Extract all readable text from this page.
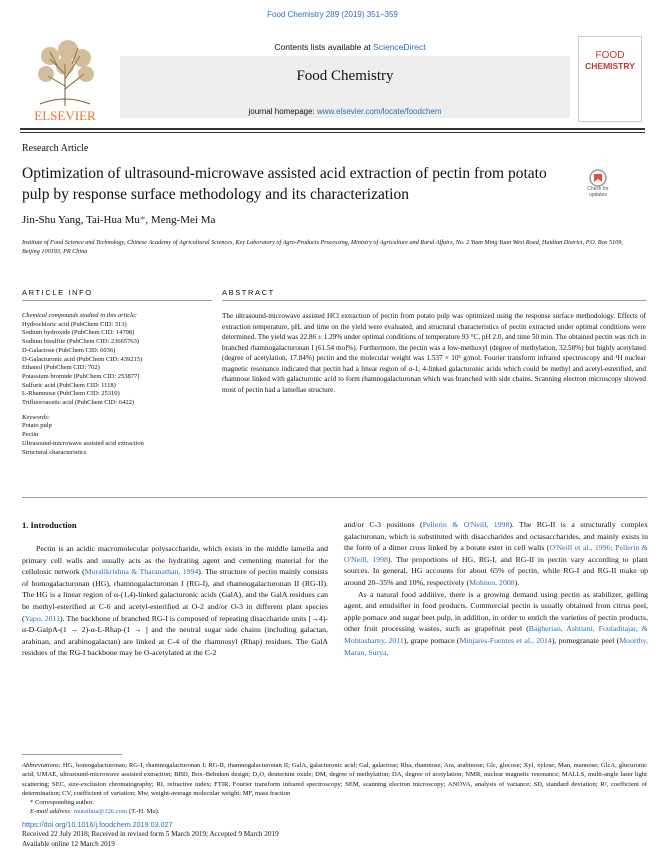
Food Chemistry 289 (2019) 351–359
ELSEVIER
Contents lists available at ScienceDirect
Food Chemistry
journal homepage: www.elsevier.com/locate/foodchem
FOOD
CHEMISTRY
Research Article
Optimization of ultrasound-microwave assisted acid extraction of pectin from potato pulp by response surface methodology and its characterization	Check for updates
Jin-Shu Yang, Tai-Hua Mu*, Meng-Mei Ma
Institute of Food Science and Technology, Chinese Academy of Agricultural Sciences, Key Laboratory of Agro-Products Processing, Ministry of Agriculture and Rural Affairs, No. 2 Yuan Ming Yuan West Road, Haidian District, P.O. Box 5109, Beijing 100193, PR China
ARTICLE INFO	ABSTRACT
Chemical compounds studied in this article:
Hydrochloric acid (PubChem CID: 313)
Sodium hydroxide (PubChem CID: 14798)
Sodium bisulfite (PubChem CID: 23665763)
D-Galactose (PubChem CID: 6036)
D-Galacturonic acid (PubChem CID: 439215)
Ethanol (PubChem CID: 702)
Potassium bromide (PubChem CID: 253877)
Sulfuric acid (PubChem CID: 1118)
L-Rhamnose (PubChem CID: 25310)
Trifluoroacetic acid (PubChem CID: 6422)
Keywords:
Potato pulp
Pectin
Ultrasound-microwave assisted acid extraction
Structural characteristics
The ultrasound-microwave assisted HCl extraction of pectin from potato pulp was optimized using the response surface methodology. Effects of extraction temperature, pH, and time on the yield were evaluated, and structural characteristics of pectin extracted under optimal conditions were determined. The yield was 22.86 ± 1.29% under optimal conditions of temperature 93 °C, pH 2.0, and time 50 min. The obtained pectin was rich in branched rhamnogalacturonan I (61.54 mol%). Furthermore, the pectin was a low-methoxyl (degree of methylation, 32.58%) but highly acetylated (degree of acetylation, 17.84%) pectin and the molecular weight was 1.537 × 10⁵ g/mol. Fourier transform infrared spectroscopy and ¹H nuclear magnetic resonance indicated that pectin had a linear region of α-1, 4-linked galacturonic acids which could be methyl and acetyl-esterified, and rhamnose linked with galacturonic acid to form rhamnogalacturonan which was branched with side chains. Scanning electron microscopy showed most of pectin had a lamellae structure.
1. Introduction
Pectin is an acidic macromolecular polysaccharide, which exists in the middle lamella and primary cell walls and usually acts as the hydrating agent and cementing material for the cellulosic network (Muralikrishna & Tharanathan, 1994). The structure of pectin mainly consists of homogalacturonan (HG), rhamnogalacturonan I (RG-I), and rhamnogalacturonan II (RG-II). The HG is a linear region of α-(1,4)-linked galacturonic acids (GalA), and the GalA residues can be methyl-esterified at C-6 and acetyl-esterified at O-2 and/or O-3 in different plant species (Yapo, 2011). The backbone of branched RG-I is composed of repeating disaccharide units [→4)-α-D-GalpA-(1 → 2)-α-L-Rhap-(1 → ] and the neutral sugar side chains (including galactan, arabinan, and arabinogalactan) are linked at C-4 of the rhamnosyl (Rhap) residues. The GalA residues of the RG-I backbone may be O-acetylated at the C-2

and/or C-3 positions (Pellerin & O'Neill, 1998). The RG-II is a structurally complex galacturonan, which is substituted with disaccharides and octasaccharides, and mainly exists in the form of a dimer cross linked by a borate ester in cell walls (O'Neill et al., 1996; Pellerin & O'Neill, 1998). The proportions of HG, RG-I, and RG-II in pectin vary according to plant sources. In general, HG accounts for about 65% of pectin, while RG-I and RG-II make up around 20–35% and 10%, respectively (Mohnen, 2008).

As a natural food additive, there is a growing demand using pectin as stabilizer, gelling agent, and emulsifier in food products. Commercial pectin is usually obtained from citrus peel, apple pomace and sugar beet pulp, in addition, in order to enrich the varieties of pectin products, other fruit processing wastes, such as grapefruit peel (Bagherian, Ashtiani, Fouladitajar, & Mohtashamy, 2011), grape pomace (Minjares-Fuentes et al., 2014), pomegranate peel (Moorthy, Maran, Surya,

Abbreviations: HG, homogalacturonan; RG-I, rhamnogalacturonan I; RG-II, rhamnogalacturonan II; GalA, galacturonic acid; Gal, galactose; Rha, rhamnose; Ara, arabinose; Glc, glucose; Xyl, xylose; Man, mannose; GlcA, glucuronic acid; UMAE, ultrasound-microwave assisted extraction; BBD, Box–Behnken design; D₂O, deuterium oxide; DM, degree of methylation; DA, degree of acetylation; NMR, nuclear magnetic resonance; MALLS, multi-angle laser light scattering; SEC, size-exclusion chromatography; RI, refractive index; FTIR, Fourier transform infrared spectroscopy; SEM, scanning electron microscopy; ANOVA, analysis of variance; SD, standard deviation; R², coefficient of determination; CV, coefficient of variation; Mw, weight-average molecular weight; MF, mass fraction
* Corresponding author.
E-mail address: mutaihua@126.com (T.-H. Mu).
https://doi.org/10.1016/j.foodchem.2019.03.027
Received 22 July 2018; Received in revised form 5 March 2019; Accepted 9 March 2019
Available online 12 March 2019
